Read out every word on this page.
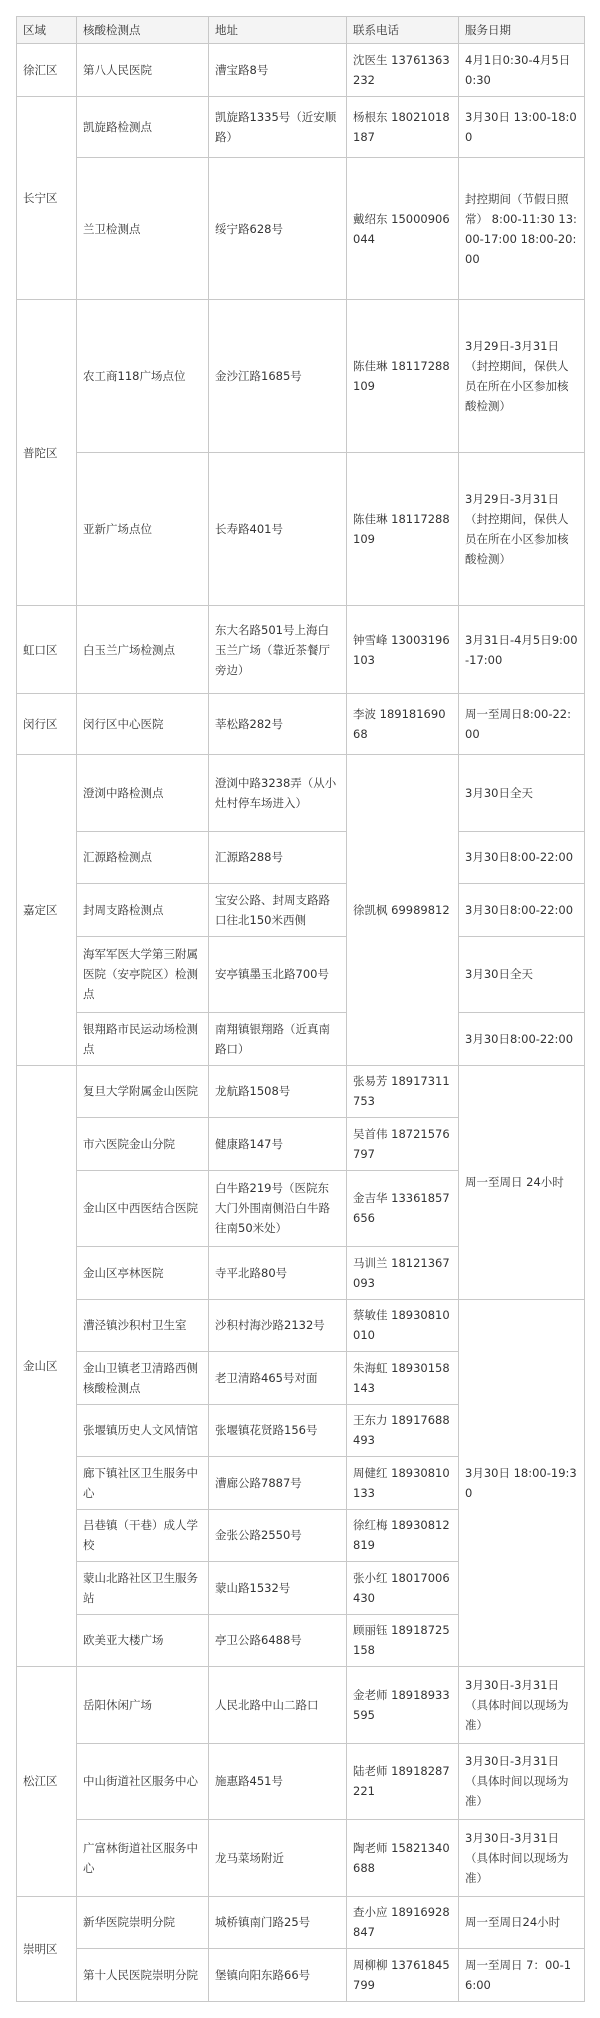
区域	核酸检测点	地址	联系电话	服务日期
徐汇区	第八人民医院	漕宝路8号	沈医生 13761363232	4月1日0:30-4月5日0:30
长宁区	凯旋路检测点	凯旋路1335号（近安顺路）	杨根东 18021018187	3月30日 13:00-18:00
	兰卫检测点	绥宁路628号	戴绍东 15000906044	封控期间（节假日照常） 8:00-11:30 13:00-17:00 18:00-20:00
普陀区	农工商118广场点位	金沙江路1685号	陈佳琳 18117288109	3月29日-3月31日 （封控期间，保供人员在所在小区参加核酸检测）
	亚新广场点位	长寿路401号	陈佳琳 18117288109	3月29日-3月31日 （封控期间，保供人员在所在小区参加核酸检测）
虹口区	白玉兰广场检测点	东大名路501号上海白玉兰广场（靠近茶餐厅旁边）	钟雪峰 13003196103	3月31日-4月5日9:00-17:00
闵行区	闵行区中心医院	莘松路282号	李波 18918169068	周一至周日8:00-22:00
嘉定区	澄浏中路检测点	澄浏中路3238弄（从小灶村停车场进入）	徐凯枫 69989812	3月30日全天
	汇源路检测点	汇源路288号		3月30日8:00-22:00
	封周支路检测点	宝安公路、封周支路路口往北150米西侧		3月30日8:00-22:00
	海军军医大学第三附属医院（安亭院区）检测点	安亭镇墨玉北路700号		3月30日全天
	银翔路市民运动场检测点	南翔镇银翔路（近真南路口）		3月30日8:00-22:00
金山区	复旦大学附属金山医院	龙航路1508号	张易芳 18917311753	周一至周日 24小时
	市六医院金山分院	健康路147号	吴首伟 18721576797	
	金山区中西医结合医院	白牛路219号（医院东大门外围南侧沿白牛路往南50米处）	金吉华 13361857656	
	金山区亭林医院	寺平北路80号	马训兰 18121367093	
	漕泾镇沙积村卫生室	沙积村海沙路2132号	蔡敏佳 18930810010	3月30日 18:00-19:30
	金山卫镇老卫清路西侧核酸检测点	老卫清路465号对面	朱海虹 18930158143	
	张堰镇历史人文风情馆	张堰镇花贤路156号	王东力 18917688493	
	廊下镇社区卫生服务中心	漕廊公路7887号	周健红 18930810133	
	吕巷镇（干巷）成人学校	金张公路2550号	徐红梅 18930812819	
	蒙山北路社区卫生服务站	蒙山路1532号	张小红 18017006430	
	欧美亚大楼广场	亭卫公路6488号	顾丽钰 18918725158	
松江区	岳阳休闲广场	人民北路中山二路口	金老师 18918933595	3月30日-3月31日 （具体时间以现场为准）
	中山街道社区服务中心	施惠路451号	陆老师 18918287221	3月30日-3月31日 （具体时间以现场为准）
	广富林街道社区服务中心	龙马菜场附近	陶老师 15821340688	3月30日-3月31日 （具体时间以现场为准）
崇明区	新华医院崇明分院	城桥镇南门路25号	查小应 18916928847	周一至周日24小时
	第十人民医院崇明分院	堡镇向阳东路66号	周柳柳 13761845799	周一至周日 7：00-16:00
